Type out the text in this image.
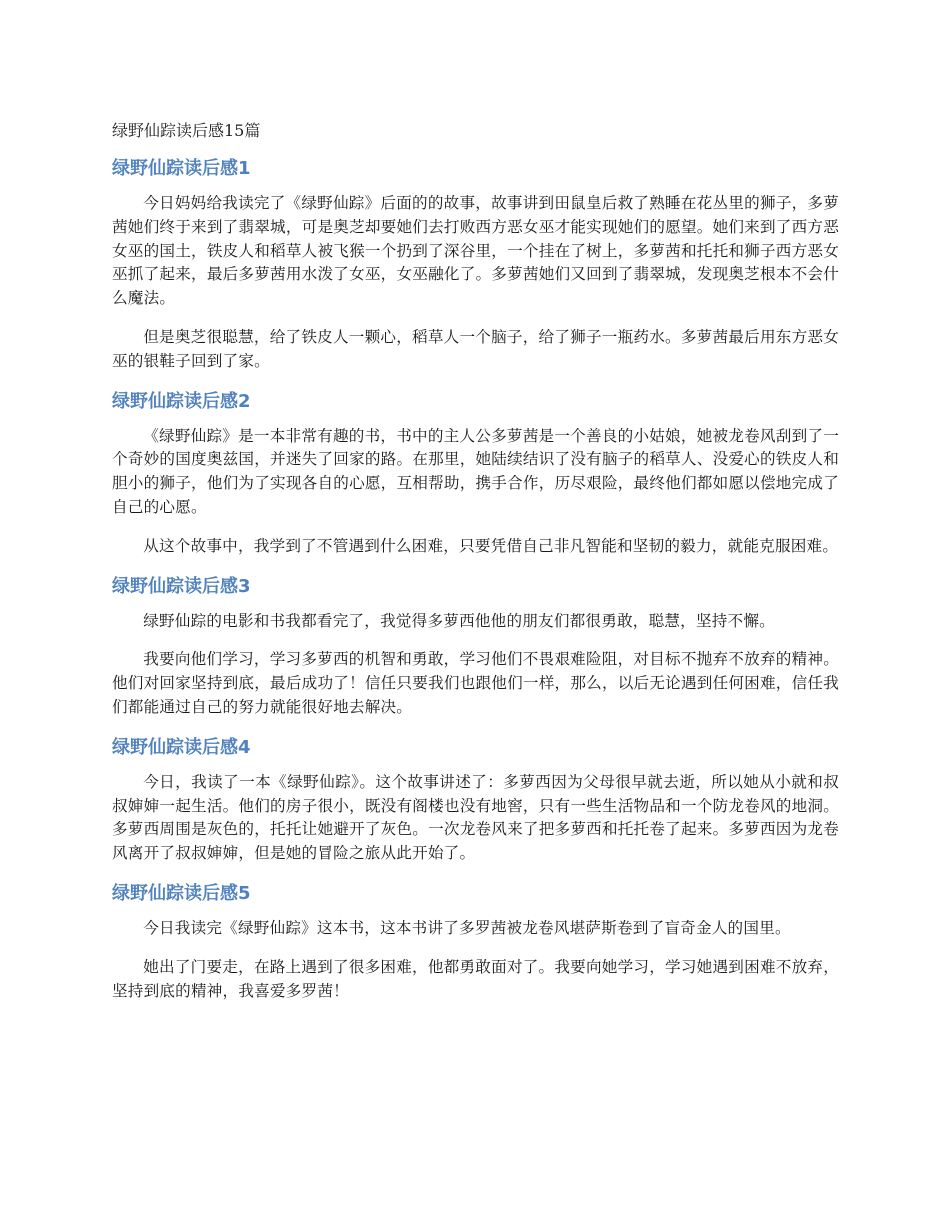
绿野仙踪读后感15篇
绿野仙踪读后感1

今日妈妈给我读完了《绿野仙踪》后面的的故事，故事讲到田鼠皇后救了熟睡在花丛里的狮子，多萝茜她们终于来到了翡翠城，可是奥芝却要她们去打败西方恶女巫才能实现她们的愿望。她们来到了西方恶女巫的国土，铁皮人和稻草人被飞猴一个扔到了深谷里，一个挂在了树上，多萝茜和托托和狮子西方恶女巫抓了起来，最后多萝茜用水泼了女巫，女巫融化了。多萝茜她们又回到了翡翠城，发现奥芝根本不会什么魔法。

但是奥芝很聪慧，给了铁皮人一颗心，稻草人一个脑子，给了狮子一瓶药水。多萝茜最后用东方恶女巫的银鞋子回到了家。

绿野仙踪读后感2

《绿野仙踪》是一本非常有趣的书，书中的主人公多萝茜是一个善良的小姑娘，她被龙卷风刮到了一个奇妙的国度奥兹国，并迷失了回家的路。在那里，她陆续结识了没有脑子的稻草人、没爱心的铁皮人和胆小的狮子，他们为了实现各自的心愿，互相帮助，携手合作，历尽艰险，最终他们都如愿以偿地完成了自己的心愿。

从这个故事中，我学到了不管遇到什么困难，只要凭借自己非凡智能和坚韧的毅力，就能克服困难。

绿野仙踪读后感3

绿野仙踪的电影和书我都看完了，我觉得多萝西他他的朋友们都很勇敢，聪慧，坚持不懈。

我要向他们学习，学习多萝西的机智和勇敢，学习他们不畏艰难险阻，对目标不抛弃不放弃的精神。他们对回家坚持到底，最后成功了！信任只要我们也跟他们一样，那么，以后无论遇到任何困难，信任我们都能通过自己的努力就能很好地去解决。

绿野仙踪读后感4

今日，我读了一本《绿野仙踪》。这个故事讲述了：多萝西因为父母很早就去逝，所以她从小就和叔叔婶婶一起生活。他们的房子很小，既没有阁楼也没有地窖，只有一些生活物品和一个防龙卷风的地洞。多萝西周围是灰色的，托托让她避开了灰色。一次龙卷风来了把多萝西和托托卷了起来。多萝西因为龙卷风离开了叔叔婶婶，但是她的冒险之旅从此开始了。

绿野仙踪读后感5

今日我读完《绿野仙踪》这本书，这本书讲了多罗茜被龙卷风堪萨斯卷到了盲奇金人的国里。

她出了门要走，在路上遇到了很多困难，他都勇敢面对了。我要向她学习，学习她遇到困难不放弃，坚持到底的精神，我喜爱多罗茜！
